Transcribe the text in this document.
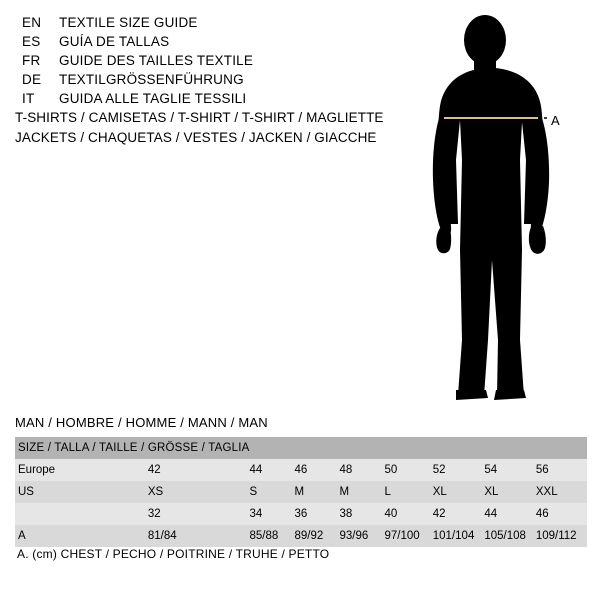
EN	TEXTILE SIZE GUIDE
ES	GUÍA DE TALLAS
FR	GUIDE DES TAILLES TEXTILE
DE	TEXTILGRÖSSENFÜHRUNG
IT	GUIDA ALLE TAGLIE TESSILI
T-SHIRTS / CAMISETAS / T-SHIRT / T-SHIRT / MAGLIETTE
JACKETS / CHAQUETAS / VESTES / JACKEN / GIACCHE
A
MAN / HOMBRE / HOMME / MANN / MAN
SIZE / TALLA / TAILLE / GRÖSSE / TAGLIA								
Europe	42	44	46	48	50	52	54	56
US	XS	S	M	M	L	XL	XL	XXL
	32	34	36	38	40	42	44	46
A	81/84	85/88	89/92	93/96	97/100	101/104	105/108	109/112
A. (cm) CHEST / PECHO / POITRINE / TRUHE / PETTO
